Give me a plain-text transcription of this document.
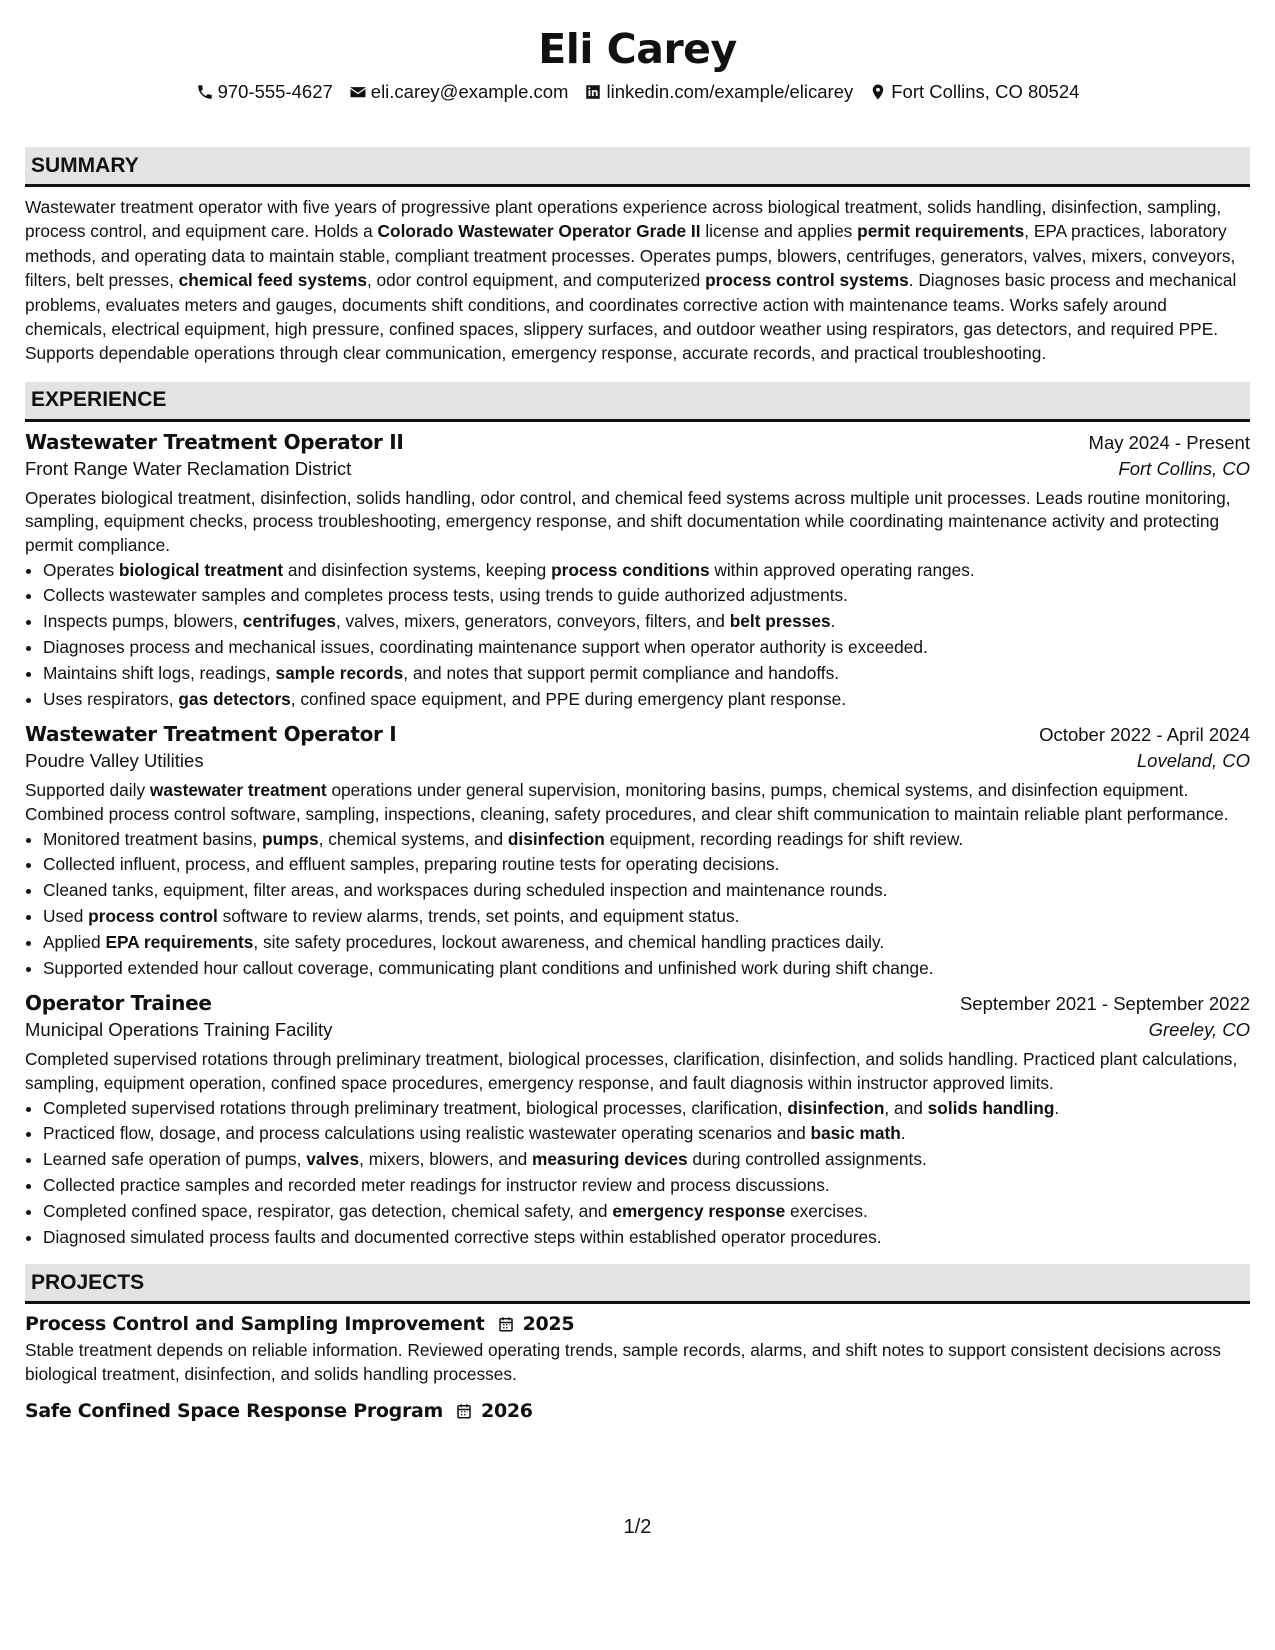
Eli Carey
970-555-4627 eli.carey@example.com linkedin.com/example/elicarey Fort Collins, CO 80524
SUMMARY

Wastewater treatment operator with five years of progressive plant operations experience across biological treatment, solids handling, disinfection, sampling, process control, and equipment care. Holds a Colorado Wastewater Operator Grade II license and applies permit requirements, EPA practices, laboratory methods, and operating data to maintain stable, compliant treatment processes. Operates pumps, blowers, centrifuges, generators, valves, mixers, conveyors, filters, belt presses, chemical feed systems, odor control equipment, and computerized process control systems. Diagnoses basic process and mechanical problems, evaluates meters and gauges, documents shift conditions, and coordinates corrective action with maintenance teams. Works safely around chemicals, electrical equipment, high pressure, confined spaces, slippery surfaces, and outdoor weather using respirators, gas detectors, and required PPE. Supports dependable operations through clear communication, emergency response, accurate records, and practical troubleshooting.

EXPERIENCE
Wastewater Treatment Operator II	May 2024 - Present
Front Range Water Reclamation District	Fort Collins, CO
Operates biological treatment, disinfection, solids handling, odor control, and chemical feed systems across multiple unit processes. Leads routine monitoring, sampling, equipment checks, process troubleshooting, emergency response, and shift documentation while coordinating maintenance activity and protecting permit compliance.
• Operates biological treatment and disinfection systems, keeping process conditions within approved operating ranges.
• Collects wastewater samples and completes process tests, using trends to guide authorized adjustments.
• Inspects pumps, blowers, centrifuges, valves, mixers, generators, conveyors, filters, and belt presses.
• Diagnoses process and mechanical issues, coordinating maintenance support when operator authority is exceeded.
• Maintains shift logs, readings, sample records, and notes that support permit compliance and handoffs.
• Uses respirators, gas detectors, confined space equipment, and PPE during emergency plant response.
Wastewater Treatment Operator I	October 2022 - April 2024
Poudre Valley Utilities	Loveland, CO
Supported daily wastewater treatment operations under general supervision, monitoring basins, pumps, chemical systems, and disinfection equipment. Combined process control software, sampling, inspections, cleaning, safety procedures, and clear shift communication to maintain reliable plant performance.
• Monitored treatment basins, pumps, chemical systems, and disinfection equipment, recording readings for shift review.
• Collected influent, process, and effluent samples, preparing routine tests for operating decisions.
• Cleaned tanks, equipment, filter areas, and workspaces during scheduled inspection and maintenance rounds.
• Used process control software to review alarms, trends, set points, and equipment status.
• Applied EPA requirements, site safety procedures, lockout awareness, and chemical handling practices daily.
• Supported extended hour callout coverage, communicating plant conditions and unfinished work during shift change.
Operator Trainee	September 2021 - September 2022
Municipal Operations Training Facility	Greeley, CO
Completed supervised rotations through preliminary treatment, biological processes, clarification, disinfection, and solids handling. Practiced plant calculations, sampling, equipment operation, confined space procedures, emergency response, and fault diagnosis within instructor approved limits.
• Completed supervised rotations through preliminary treatment, biological processes, clarification, disinfection, and solids handling.
• Practiced flow, dosage, and process calculations using realistic wastewater operating scenarios and basic math.
• Learned safe operation of pumps, valves, mixers, blowers, and measuring devices during controlled assignments.
• Collected practice samples and recorded meter readings for instructor review and process discussions.
• Completed confined space, respirator, gas detection, chemical safety, and emergency response exercises.
• Diagnosed simulated process faults and documented corrective steps within established operator procedures.
PROJECTS
Process Control and Sampling Improvement 2025
Stable treatment depends on reliable information. Reviewed operating trends, sample records, alarms, and shift notes to support consistent decisions across biological treatment, disinfection, and solids handling processes.
Safe Confined Space Response Program 2026
1/2
